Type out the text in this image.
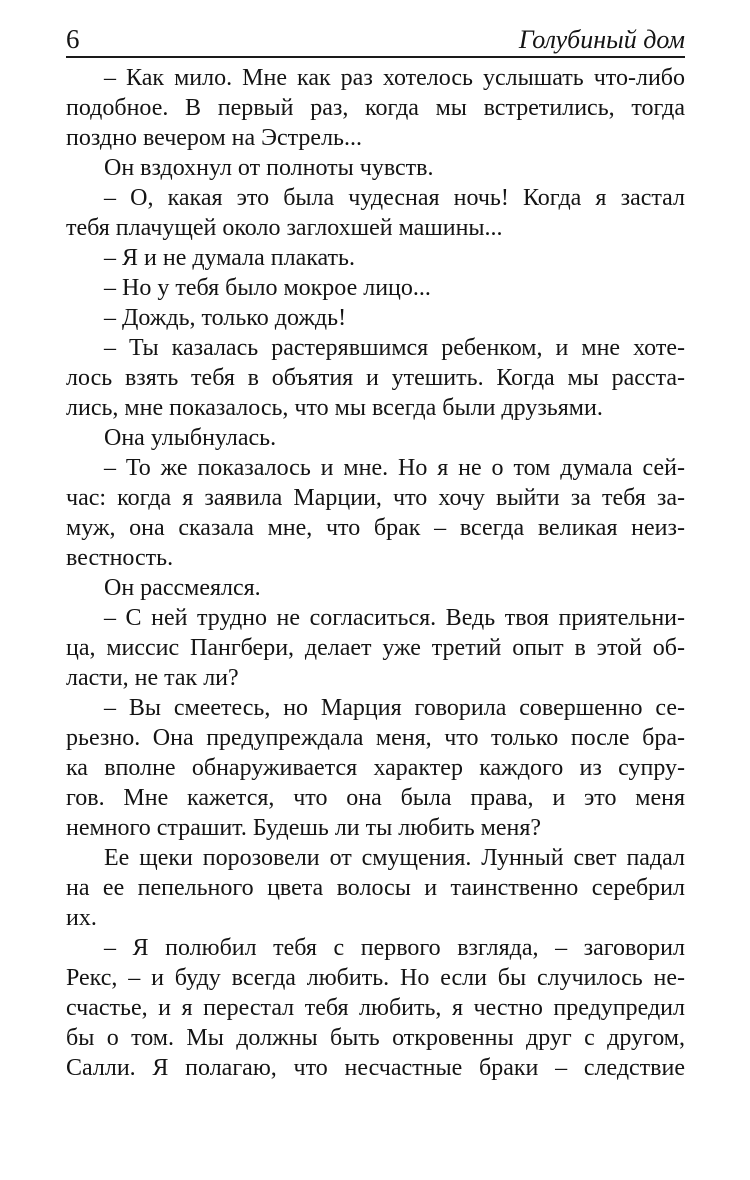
6	Голубиный дом
– Как мило. Мне как раз хотелось услышать что-либо
подобное. В первый раз, когда мы встретились, тогда
поздно вечером на Эстрель...
Он вздохнул от полноты чувств.
– О, какая это была чудесная ночь! Когда я застал
тебя плачущей около заглохшей машины...
– Я и не думала плакать.
– Но у тебя было мокрое лицо...
– Дождь, только дождь!
– Ты казалась растерявшимся ребенком, и мне хоте-
лось взять тебя в объятия и утешить. Когда мы расста-
лись, мне показалось, что мы всегда были друзьями.
Она улыбнулась.
– То же показалось и мне. Но я не о том думала сей-
час: когда я заявила Марции, что хочу выйти за тебя за-
муж, она сказала мне, что брак – всегда великая неиз-
вестность.
Он рассмеялся.
– С ней трудно не согласиться. Ведь твоя приятельни-
ца, миссис Пангбери, делает уже третий опыт в этой об-
ласти, не так ли?
– Вы смеетесь, но Марция говорила совершенно се-
рьезно. Она предупреждала меня, что только после бра-
ка вполне обнаруживается характер каждого из супру-
гов. Мне кажется, что она была права, и это меня
немного страшит. Будешь ли ты любить меня?
Ее щеки порозовели от смущения. Лунный свет падал
на ее пепельного цвета волосы и таинственно серебрил
их.
– Я полюбил тебя с первого взгляда, – заговорил
Рекс, – и буду всегда любить. Но если бы случилось не-
счастье, и я перестал тебя любить, я честно предупредил
бы о том. Мы должны быть откровенны друг с другом,
Салли. Я полагаю, что несчастные браки – следствие
